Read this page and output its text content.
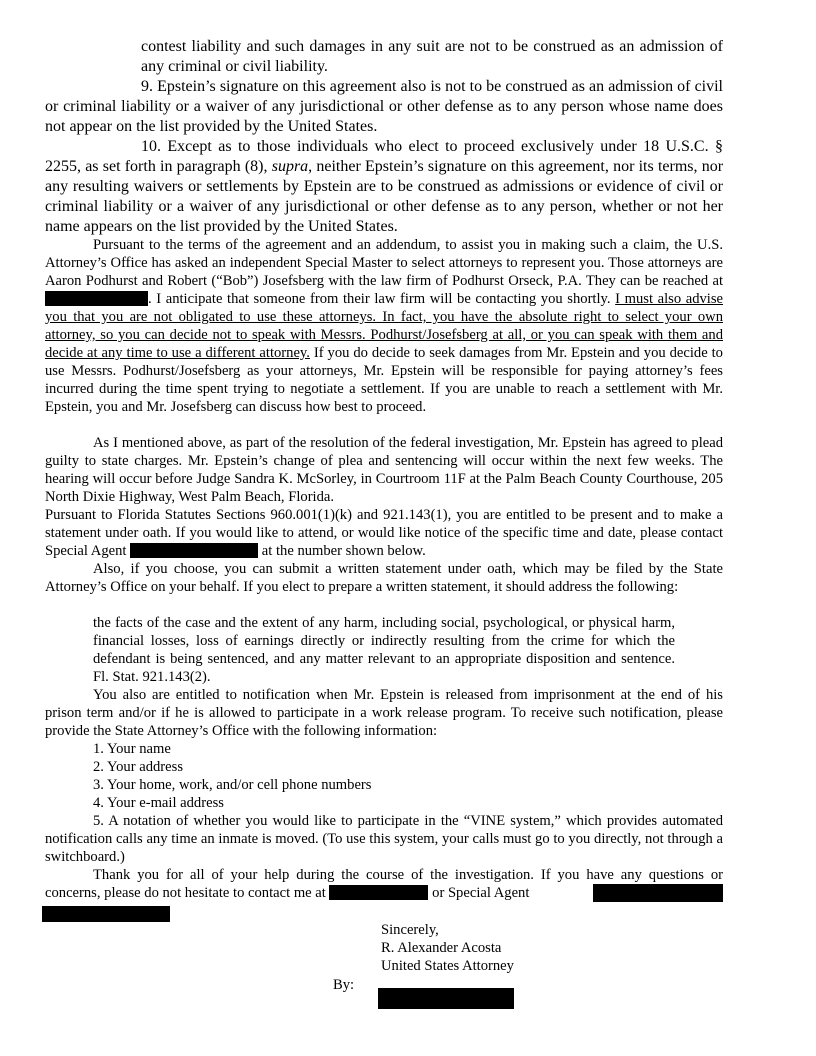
contest liability and such damages in any suit are not to be construed as an admission of any criminal or civil liability.

9. Epstein’s signature on this agreement also is not to be construed as an admission of civil or criminal liability or a waiver of any jurisdictional or other defense as to any person whose name does not appear on the list provided by the United States.

10. Except as to those individuals who elect to proceed exclusively under 18 U.S.C. § 2255, as set forth in paragraph (8), supra, neither Epstein’s signature on this agreement, nor its terms, nor any resulting waivers or settlements by Epstein are to be construed as admissions or evidence of civil or criminal liability or a waiver of any jurisdictional or other defense as to any person, whether or not her name appears on the list provided by the United States.

Pursuant to the terms of the agreement and an addendum, to assist you in making such a claim, the U.S. Attorney’s Office has asked an independent Special Master to select attorneys to represent you. Those attorneys are Aaron Podhurst and Robert (“Bob”) Josefsberg with the law firm of Podhurst Orseck, P.A. They can be reached at . I anticipate that someone from their law firm will be contacting you shortly. I must also advise you that you are not obligated to use these attorneys. In fact, you have the absolute right to select your own attorney, so you can decide not to speak with Messrs. Podhurst/Josefsberg at all, or you can speak with them and decide at any time to use a different attorney. If you do decide to seek damages from Mr. Epstein and you decide to use Messrs. Podhurst/Josefsberg as your attorneys, Mr. Epstein will be responsible for paying attorney’s fees incurred during the time spent trying to negotiate a settlement. If you are unable to reach a settlement with Mr. Epstein, you and Mr. Josefsberg can discuss how best to proceed.

As I mentioned above, as part of the resolution of the federal investigation, Mr. Epstein has agreed to plead guilty to state charges. Mr. Epstein’s change of plea and sentencing will occur within the next few weeks. The hearing will occur before Judge Sandra K. McSorley, in Courtroom 11F at the Palm Beach County Courthouse, 205 North Dixie Highway, West Palm Beach, Florida.

Pursuant to Florida Statutes Sections 960.001(1)(k) and 921.143(1), you are entitled to be present and to make a statement under oath. If you would like to attend, or would like notice of the specific time and date, please contact Special Agent	at the number shown below.

Also, if you choose, you can submit a written statement under oath, which may be filed by the State Attorney’s Office on your behalf. If you elect to prepare a written statement, it should address the following:

the facts of the case and the extent of any harm, including social, psychological, or physical harm, financial losses, loss of earnings directly or indirectly resulting from the crime for which the defendant is being sentenced, and any matter relevant to an appropriate disposition and sentence. Fl. Stat. 921.143(2).

You also are entitled to notification when Mr. Epstein is released from imprisonment at the end of his prison term and/or if he is allowed to participate in a work release program. To receive such notification, please provide the State Attorney’s Office with the following information:

1. Your name
2. Your address
3. Your home, work, and/or cell phone numbers
4. Your e-mail address

5. A notation of whether you would like to participate in the “VINE system,” which provides automated notification calls any time an inmate is moved. (To use this system, your calls must go to you directly, not through a switchboard.)

Thank you for all of your help during the course of the investigation. If you have any questions or concerns, please do not hesitate to contact me at	or Special Agent

Sincerely,
R. Alexander Acosta
United States Attorney
By:
